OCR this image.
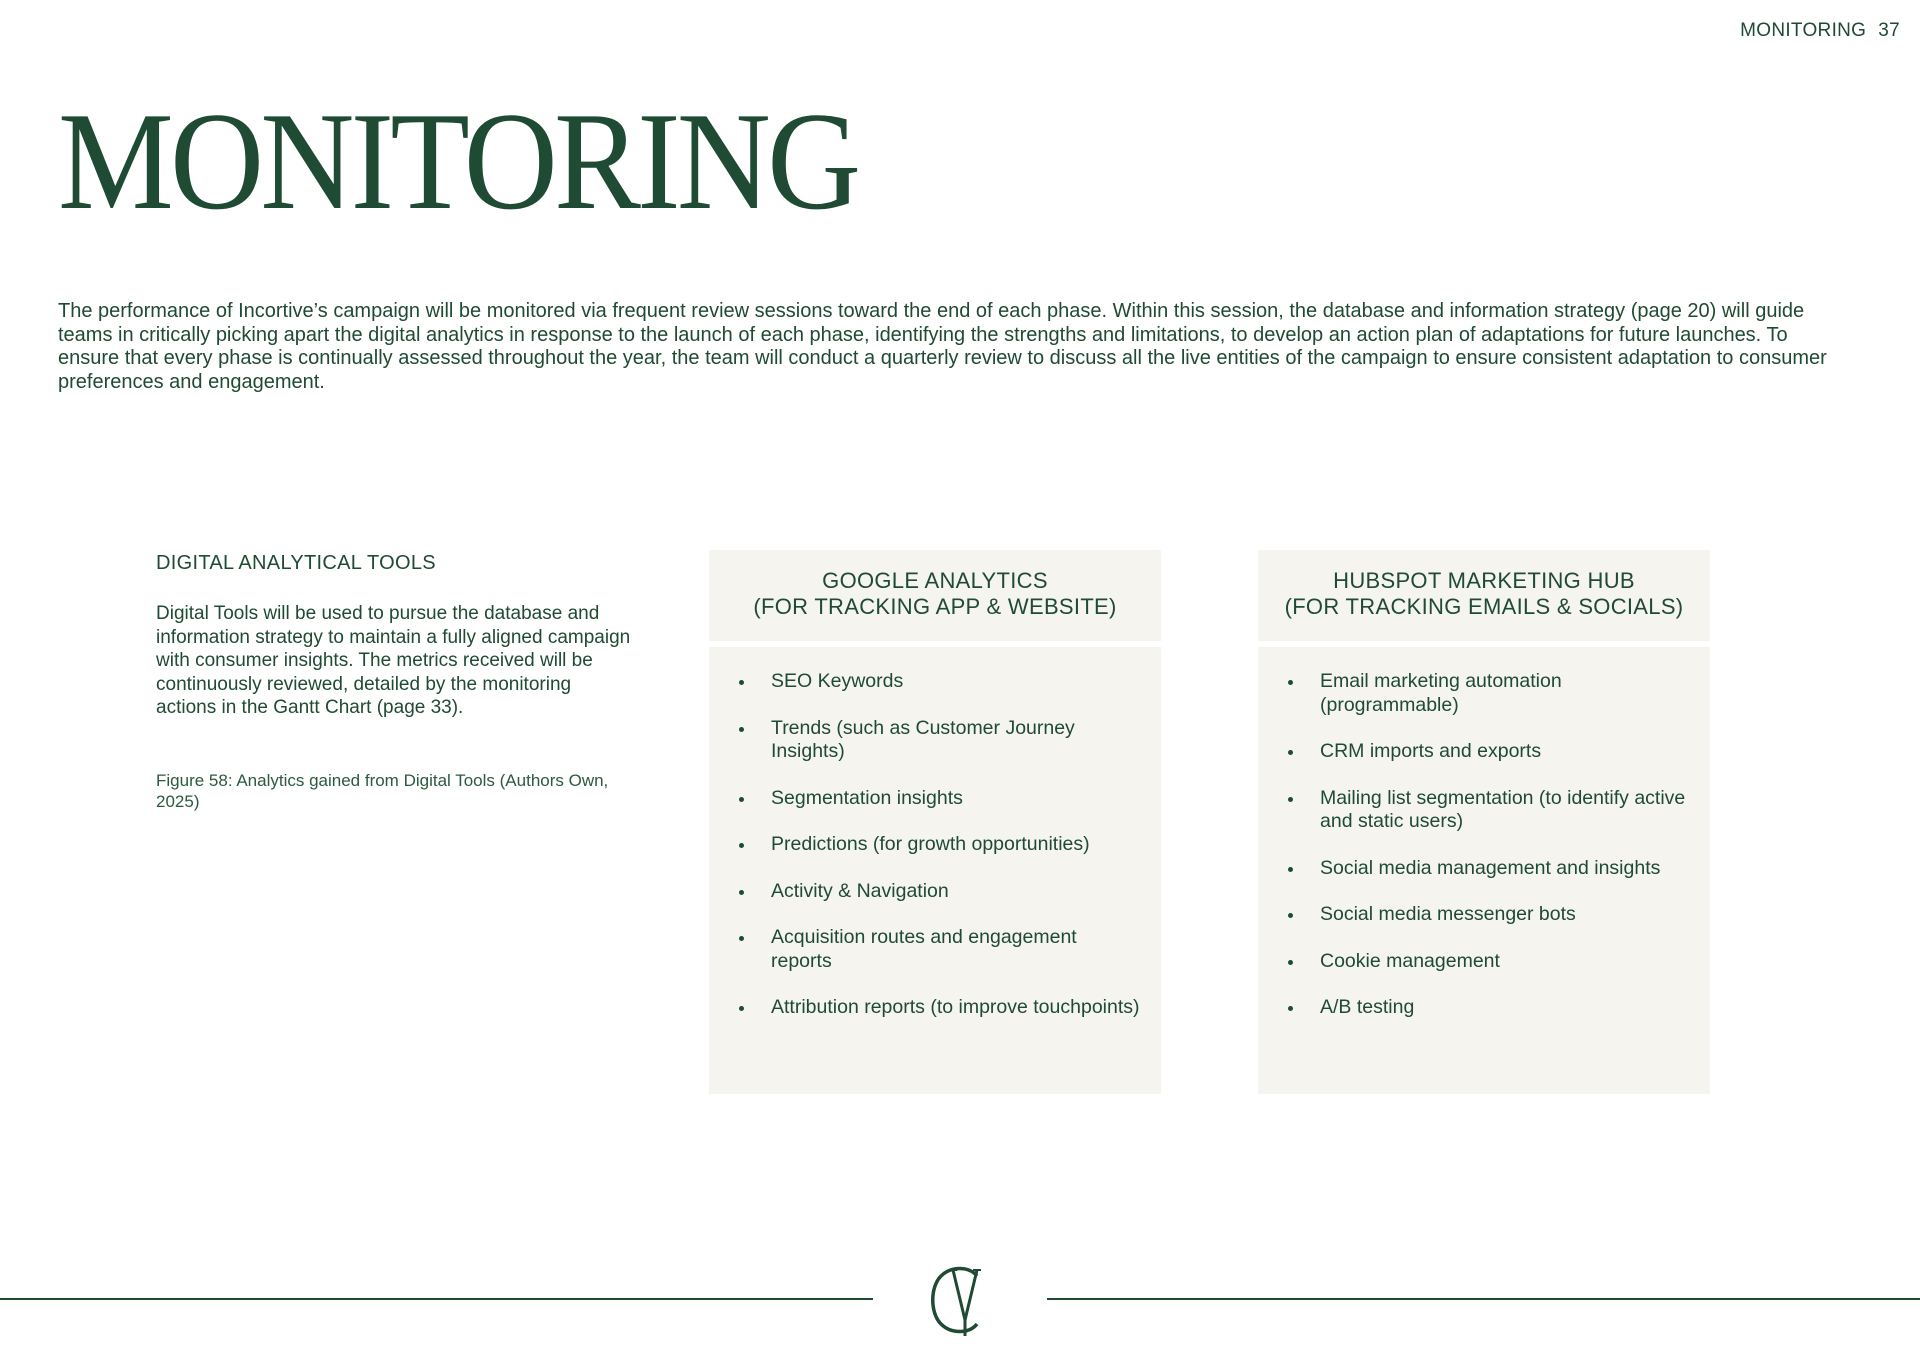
MONITORING 37
MONITORING

The performance of Incortive’s campaign will be monitored via frequent review sessions toward the end of each phase. Within this session, the database and information strategy (page 20) will guide teams in critically picking apart the digital analytics in response to the launch of each phase, identifying the strengths and limitations, to develop an action plan of adaptations for future launches. To ensure that every phase is continually assessed throughout the year, the team will conduct a quarterly review to discuss all the live entities of the campaign to ensure consistent adaptation to consumer preferences and engagement.

DIGITAL ANALYTICAL TOOLS

Digital Tools will be used to pursue the database and information strategy to maintain a fully aligned campaign with consumer insights. The metrics received will be continuously reviewed, detailed by the monitoring actions in the Gantt Chart (page 33).

Figure 58: Analytics gained from Digital Tools (Authors Own, 2025)

GOOGLE ANALYTICS
(FOR TRACKING APP & WEBSITE)
SEO Keywords
Trends (such as Customer Journey Insights)
Segmentation insights
Predictions (for growth opportunities)
Activity & Navigation
Acquisition routes and engagement reports
Attribution reports (to improve touchpoints)
HUBSPOT MARKETING HUB
(FOR TRACKING EMAILS & SOCIALS)
Email marketing automation (programmable)
CRM imports and exports
Mailing list segmentation (to identify active and static users)
Social media management and insights
Social media messenger bots
Cookie management
A/B testing
